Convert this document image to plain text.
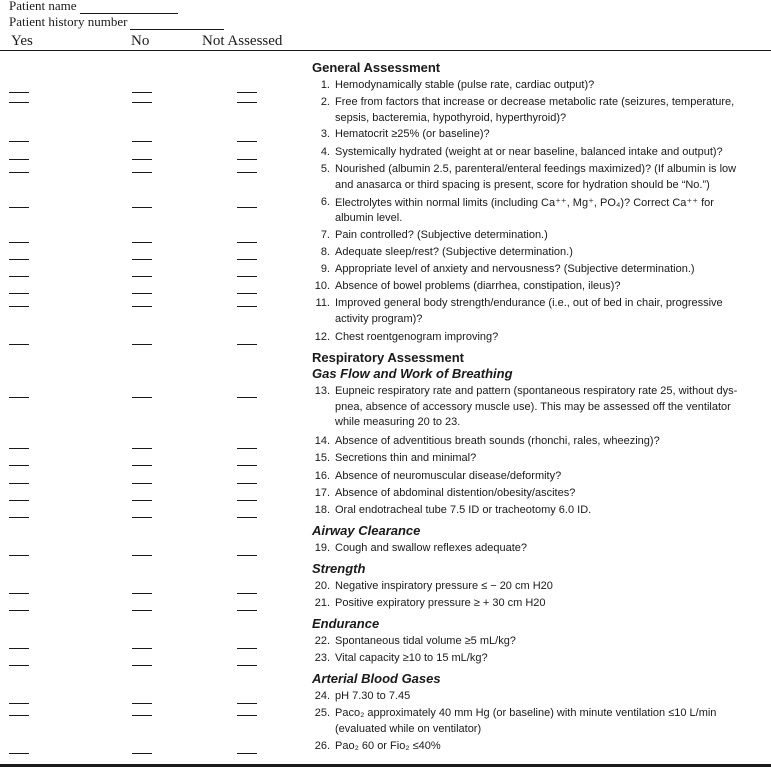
Patient name
Patient history number
Yes	No	Not Assessed
General Assessment
Respiratory Assessment
Gas Flow and Work of Breathing
Airway Clearance
Strength
Endurance
Arterial Blood Gases
1. Hemodynamically stable (pulse rate, cardiac output)?
2. Free from factors that increase or decrease metabolic rate (seizures, temperature,
sepsis, bacteremia, hypothyroid, hyperthyroid)?
3. Hematocrit ≥25% (or baseline)?
4. Systemically hydrated (weight at or near baseline, balanced intake and output)?
5. Nourished (albumin 2.5, parenteral/enteral feedings maximized)? (If albumin is low
and anasarca or third spacing is present, score for hydration should be “No.”)
6. Electrolytes within normal limits (including Ca⁺⁺, Mg⁺, PO₄)? Correct Ca⁺⁺ for
albumin level.
7. Pain controlled? (Subjective determination.)
8. Adequate sleep/rest? (Subjective determination.)
9. Appropriate level of anxiety and nervousness? (Subjective determination.)
10. Absence of bowel problems (diarrhea, constipation, ileus)?
11. Improved general body strength/endurance (i.e., out of bed in chair, progressive
activity program)?
12. Chest roentgenogram improving?
13. Eupneic respiratory rate and pattern (spontaneous respiratory rate 25, without dys-
pnea, absence of accessory muscle use). This may be assessed off the ventilator
while measuring 20 to 23.
14. Absence of adventitious breath sounds (rhonchi, rales, wheezing)?
15. Secretions thin and minimal?
16. Absence of neuromuscular disease/deformity?
17. Absence of abdominal distention/obesity/ascites?
18. Oral endotracheal tube 7.5 ID or tracheotomy 6.0 ID.
19. Cough and swallow reflexes adequate?
20. Negative inspiratory pressure ≤ − 20 cm H20
21. Positive expiratory pressure ≥ + 30 cm H20
22. Spontaneous tidal volume ≥5 mL/kg?
23. Vital capacity ≥10 to 15 mL/kg?
24. pH 7.30 to 7.45
25. Paco₂ approximately 40 mm Hg (or baseline) with minute ventilation ≤10 L/min
(evaluated while on ventilator)
26. Pao₂ 60 or Fio₂ ≤40%
